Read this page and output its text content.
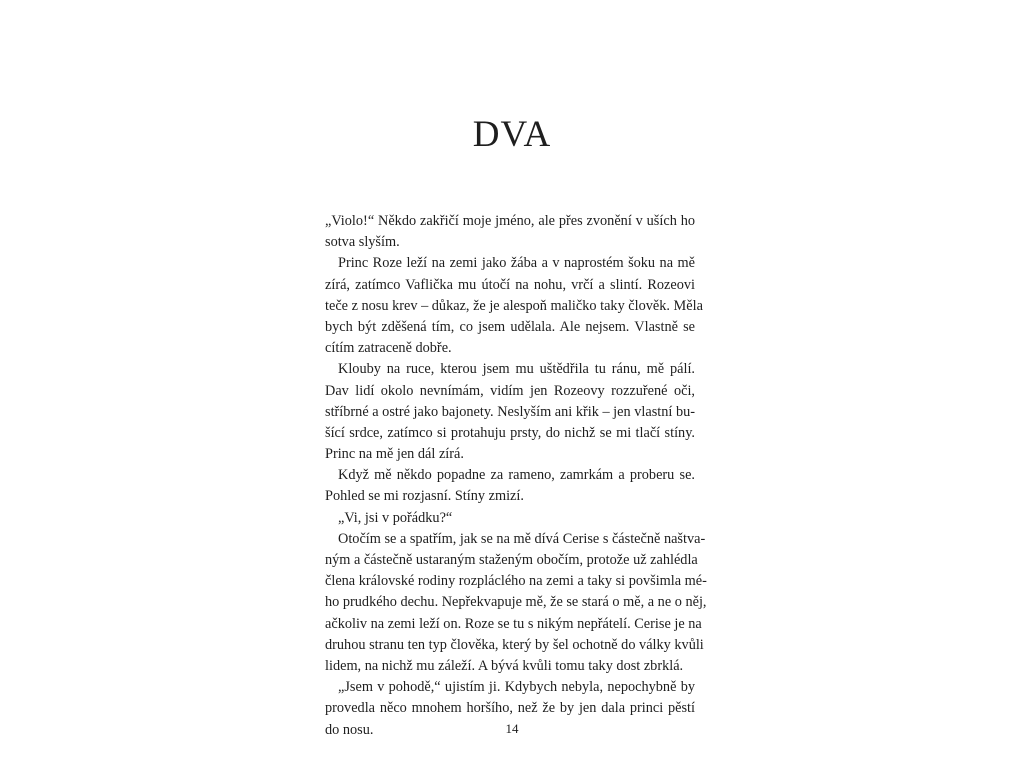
DVA
„Violo!“ Někdo zakřičí moje jméno, ale přes zvonění v uších ho
sotva slyším.
Princ Roze leží na zemi jako žába a v naprostém šoku na mě
zírá, zatímco Vaflička mu útočí na nohu, vrčí a slintí. Rozeovi
teče z nosu krev – důkaz, že je alespoň maličko taky člověk. Měla
bych být zděšená tím, co jsem udělala. Ale nejsem. Vlastně se
cítím zatraceně dobře.
Klouby na ruce, kterou jsem mu uštědřila tu ránu, mě pálí.
Dav lidí okolo nevnímám, vidím jen Rozeovy rozzuřené oči,
stříbrné a ostré jako bajonety. Neslyším ani křik – jen vlastní bu-
šící srdce, zatímco si protahuju prsty, do nichž se mi tlačí stíny.
Princ na mě jen dál zírá.
Když mě někdo popadne za rameno, zamrkám a proberu se.
Pohled se mi rozjasní. Stíny zmizí.
„Vi, jsi v pořádku?“
Otočím se a spatřím, jak se na mě dívá Cerise s částečně naštva-
ným a částečně ustaraným staženým obočím, protože už zahlédla
člena královské rodiny rozpláclého na zemi a taky si povšimla mé-
ho prudkého dechu. Nepřekvapuje mě, že se stará o mě, a ne o něj,
ačkoliv na zemi leží on. Roze se tu s nikým nepřátelí. Cerise je na
druhou stranu ten typ člověka, který by šel ochotně do války kvůli
lidem, na nichž mu záleží. A bývá kvůli tomu taky dost zbrklá.
„Jsem v pohodě,“ ujistím ji. Kdybych nebyla, nepochybně by
provedla něco mnohem horšího, než že by jen dala princi pěstí
do nosu.	14
